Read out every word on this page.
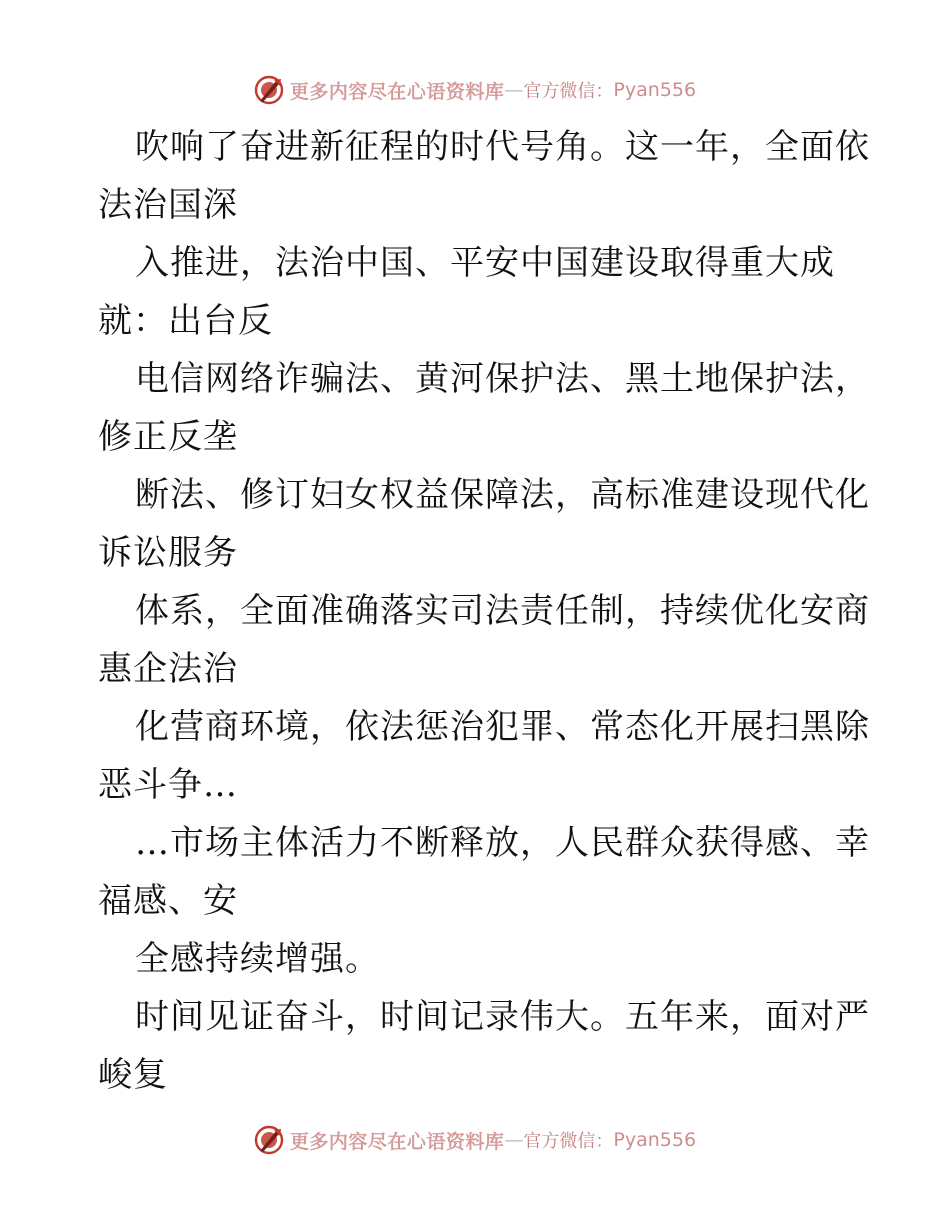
更多内容尽在心语资料库 — 官方微信： Pyan556
吹响了奋进新征程的时代号角。这一年，全面依
法治国深
入推进，法治中国、平安中国建设取得重大成
就：出台反
电信网络诈骗法、黄河保护法、黑土地保护法，
修正反垄
断法、修订妇女权益保障法，高标准建设现代化
诉讼服务
体系，全面准确落实司法责任制，持续优化安商
惠企法治
化营商环境，依法惩治犯罪、常态化开展扫黑除
恶斗争…
…市场主体活力不断释放，人民群众获得感、幸
福感、安
全感持续增强。
时间见证奋斗，时间记录伟大。五年来，面对严
峻复
更多内容尽在心语资料库 — 官方微信： Pyan556
